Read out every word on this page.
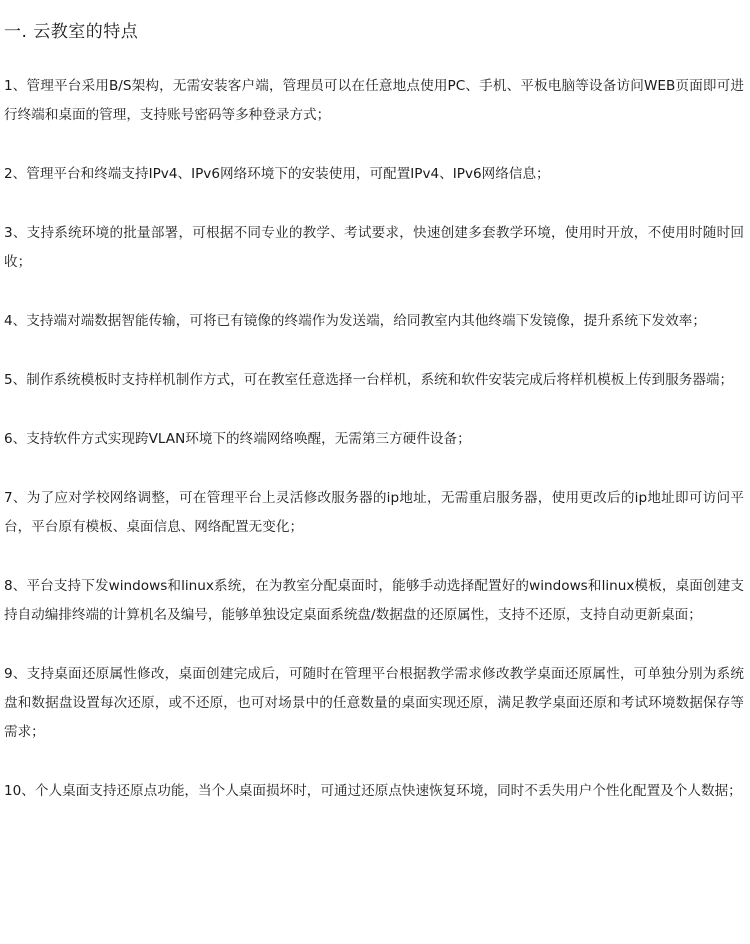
一. 云教室的特点
1、管理平台采用B/S架构，无需安装客户端，管理员可以在任意地点使用PC、手机、平板电脑等设备访问WEB页面即可进行终端和桌面的管理，支持账号密码等多种登录方式；
2、管理平台和终端支持IPv4、IPv6网络环境下的安装使用，可配置IPv4、IPv6网络信息；
3、支持系统环境的批量部署，可根据不同专业的教学、考试要求，快速创建多套教学环境，使用时开放，不使用时随时回收；
4、支持端对端数据智能传输，可将已有镜像的终端作为发送端，给同教室内其他终端下发镜像，提升系统下发效率；
5、制作系统模板时支持样机制作方式，可在教室任意选择一台样机，系统和软件安装完成后将样机模板上传到服务器端；
6、支持软件方式实现跨VLAN环境下的终端网络唤醒，无需第三方硬件设备；
7、为了应对学校网络调整，可在管理平台上灵活修改服务器的ip地址，无需重启服务器，使用更改后的ip地址即可访问平台，平台原有模板、桌面信息、网络配置无变化；
8、平台支持下发windows和linux系统，在为教室分配桌面时，能够手动选择配置好的windows和linux模板，桌面创建支持自动编排终端的计算机名及编号，能够单独设定桌面系统盘/数据盘的还原属性，支持不还原，支持自动更新桌面；
9、支持桌面还原属性修改，桌面创建完成后，可随时在管理平台根据教学需求修改教学桌面还原属性，可单独分别为系统盘和数据盘设置每次还原，或不还原，也可对场景中的任意数量的桌面实现还原，满足教学桌面还原和考试环境数据保存等需求；
10、个人桌面支持还原点功能，当个人桌面损坏时，可通过还原点快速恢复环境，同时不丢失用户个性化配置及个人数据；
